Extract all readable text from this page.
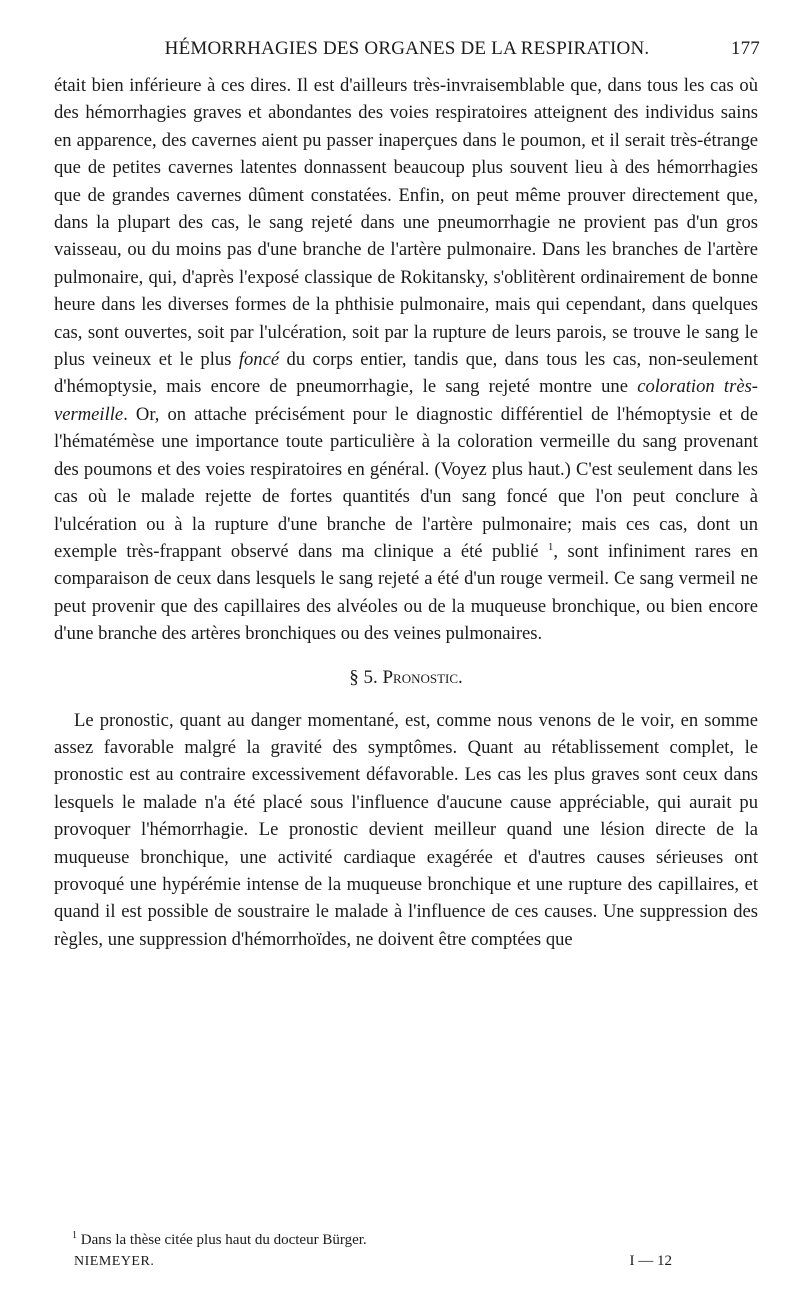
HÉMORRHAGIES DES ORGANES DE LA RESPIRATION.	177

était bien inférieure à ces dires. Il est d'ailleurs très-invraisemblable que, dans tous les cas où des hémorrhagies graves et abondantes des voies respiratoires atteignent des individus sains en apparence, des cavernes aient pu passer inaperçues dans le poumon, et il serait très-étrange que de petites cavernes latentes donnassent beaucoup plus souvent lieu à des hémorrhagies que de grandes cavernes dûment constatées. Enfin, on peut même prouver directement que, dans la plupart des cas, le sang rejeté dans une pneumorrhagie ne provient pas d'un gros vaisseau, ou du moins pas d'une branche de l'artère pulmonaire. Dans les branches de l'artère pulmonaire, qui, d'après l'exposé classique de Rokitansky, s'oblitèrent ordinairement de bonne heure dans les diverses formes de la phthisie pulmonaire, mais qui cependant, dans quelques cas, sont ouvertes, soit par l'ulcération, soit par la rupture de leurs parois, se trouve le sang le plus veineux et le plus foncé du corps entier, tandis que, dans tous les cas, non-seulement d'hémoptysie, mais encore de pneumorrhagie, le sang rejeté montre une coloration très-vermeille. Or, on attache précisément pour le diagnostic différentiel de l'hémoptysie et de l'hématémèse une importance toute particulière à la coloration vermeille du sang provenant des poumons et des voies respiratoires en général. (Voyez plus haut.) C'est seulement dans les cas où le malade rejette de fortes quantités d'un sang foncé que l'on peut conclure à l'ulcération ou à la rupture d'une branche de l'artère pulmonaire; mais ces cas, dont un exemple très-frappant observé dans ma clinique a été publié $^1$, sont infiniment rares en comparaison de ceux dans lesquels le sang rejeté a été d'un rouge vermeil. Ce sang vermeil ne peut provenir que des capillaires des alvéoles ou de la muqueuse bronchique, ou bien encore d'une branche des artères bronchiques ou des veines pulmonaires.

§ 5. Pronostic.

Le pronostic, quant au danger momentané, est, comme nous venons de le voir, en somme assez favorable malgré la gravité des symptômes. Quant au rétablissement complet, le pronostic est au contraire excessivement défavorable. Les cas les plus graves sont ceux dans lesquels le malade n'a été placé sous l'influence d'aucune cause appréciable, qui aurait pu provoquer l'hémorrhagie. Le pronostic devient meilleur quand une lésion directe de la muqueuse bronchique, une activité cardiaque exagérée et d'autres causes sérieuses ont provoqué une hypérémie intense de la muqueuse bronchique et une rupture des capillaires, et quand il est possible de soustraire le malade à l'influence de ces causes. Une suppression des règles, une suppression d'hémorrhoïdes, ne doivent être comptées que

$^1$ Dans la thèse citée plus haut du docteur Bürger.
NIEMEYER.	I — 12
